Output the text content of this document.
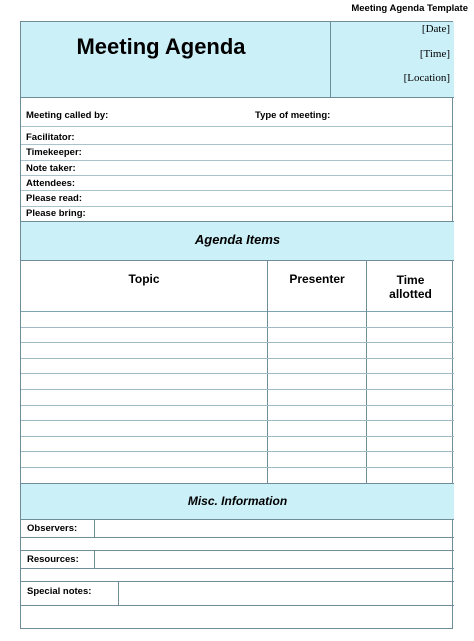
Meeting Agenda Template
Meeting Agenda
[Date]
[Time]
[Location]
Meeting called by:	Type of meeting:
Facilitator:
Timekeeper:
Note taker:
Attendees:
Please read:
Please bring:
Agenda Items
Topic	Presenter	Time
allotted
Misc. Information
Observers:
Resources:
Special notes:
